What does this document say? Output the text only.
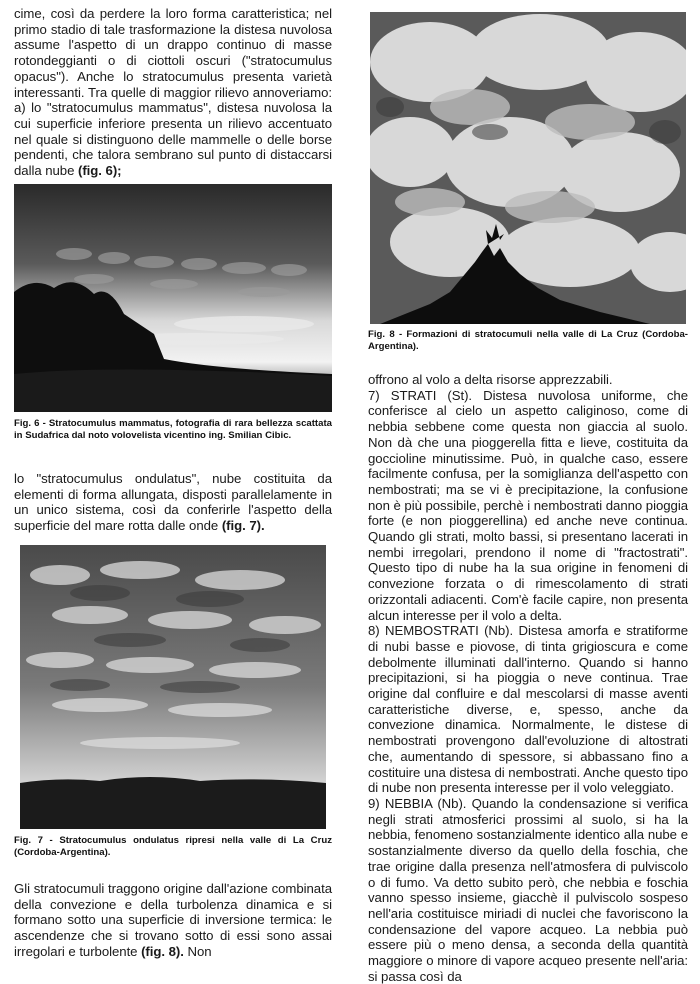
cime, così da perdere la loro forma caratteristica; nel primo stadio di tale trasformazione la distesa nuvolosa assume l'aspetto di un drappo continuo di masse rotondeggianti o di ciottoli oscuri ("stratocumulus opacus"). Anche lo stratocumulus presenta varietà interessanti. Tra quelle di maggior rilievo annoveriamo: a) lo "stratocumulus mammatus", distesa nuvolosa la cui superficie inferiore presenta un rilievo accentuato nel quale si distinguono delle mammelle o delle borse pendenti, che talora sembrano sul punto di distaccarsi dalla nube (fig. 6);

Fig. 6 - Stratocumulus mammatus, fotografia di rara bellezza scattata in Sudafrica dal noto volovelista vicentino ing. Smilian Cibic.

lo "stratocumulus ondulatus", nube costituita da elementi di forma allungata, disposti parallelamente in un unico sistema, così da conferirle l'aspetto della superficie del mare rotta dalle onde (fig. 7).

Fig. 7 - Stratocumulus ondulatus ripresi nella valle di La Cruz (Cordoba-Argentina).

Gli stratocumuli traggono origine dall'azione combinata della convezione e della turbolenza dinamica e si formano sotto una superficie di inversione termica: le ascendenze che si trovano sotto di essi sono assai irregolari e turbolente (fig. 8). Non

Fig. 8 - Formazioni di stratocumuli nella valle di La Cruz (Cordoba-Argentina).

offrono al volo a delta risorse apprezzabili.

7) STRATI (St). Distesa nuvolosa uniforme, che conferisce al cielo un aspetto caliginoso, come di nebbia sebbene come questa non giaccia al suolo. Non dà che una pioggerella fitta e lieve, costituita da goccioline minutissime. Può, in qualche caso, essere facilmente confusa, per la somiglianza dell'aspetto con nembostrati; ma se vi è precipitazione, la confusione non è più possibile, perchè i nembostrati danno pioggia forte (e non pioggerellina) ed anche neve continua. Quando gli strati, molto bassi, si presentano lacerati in nembi irregolari, prendono il nome di "fractostrati". Questo tipo di nube ha la sua origine in fenomeni di convezione forzata o di rimescolamento di strati orizzontali adiacenti. Com'è facile capire, non presenta alcun interesse per il volo a delta.

8) NEMBOSTRATI (Nb). Distesa amorfa e stratiforme di nubi basse e piovose, di tinta grigioscura e come debolmente illuminati dall'interno. Quando si hanno precipitazioni, si ha pioggia o neve continua. Trae origine dal confluire e dal mescolarsi di masse aventi caratteristiche diverse, e, spesso, anche da convezione dinamica. Normalmente, le distese di nembostrati provengono dall'evoluzione di altostrati che, aumentando di spessore, si abbassano fino a costituire una distesa di nembostrati. Anche questo tipo di nube non presenta interesse per il volo veleggiato.

9) NEBBIA (Nb). Quando la condensazione si verifica negli strati atmosferici prossimi al suolo, si ha la nebbia, fenomeno sostanzialmente identico alla nube e sostanzialmente diverso da quello della foschia, che trae origine dalla presenza nell'atmosfera di pulviscolo o di fumo. Va detto subito però, che nebbia e foschia vanno spesso insieme, giacchè il pulviscolo sospeso nell'aria costituisce miriadi di nuclei che favoriscono la condensazione del vapore acqueo. La nebbia può essere più o meno densa, a seconda della quantità maggiore o minore di vapore acqueo presente nell'aria: si passa così da
